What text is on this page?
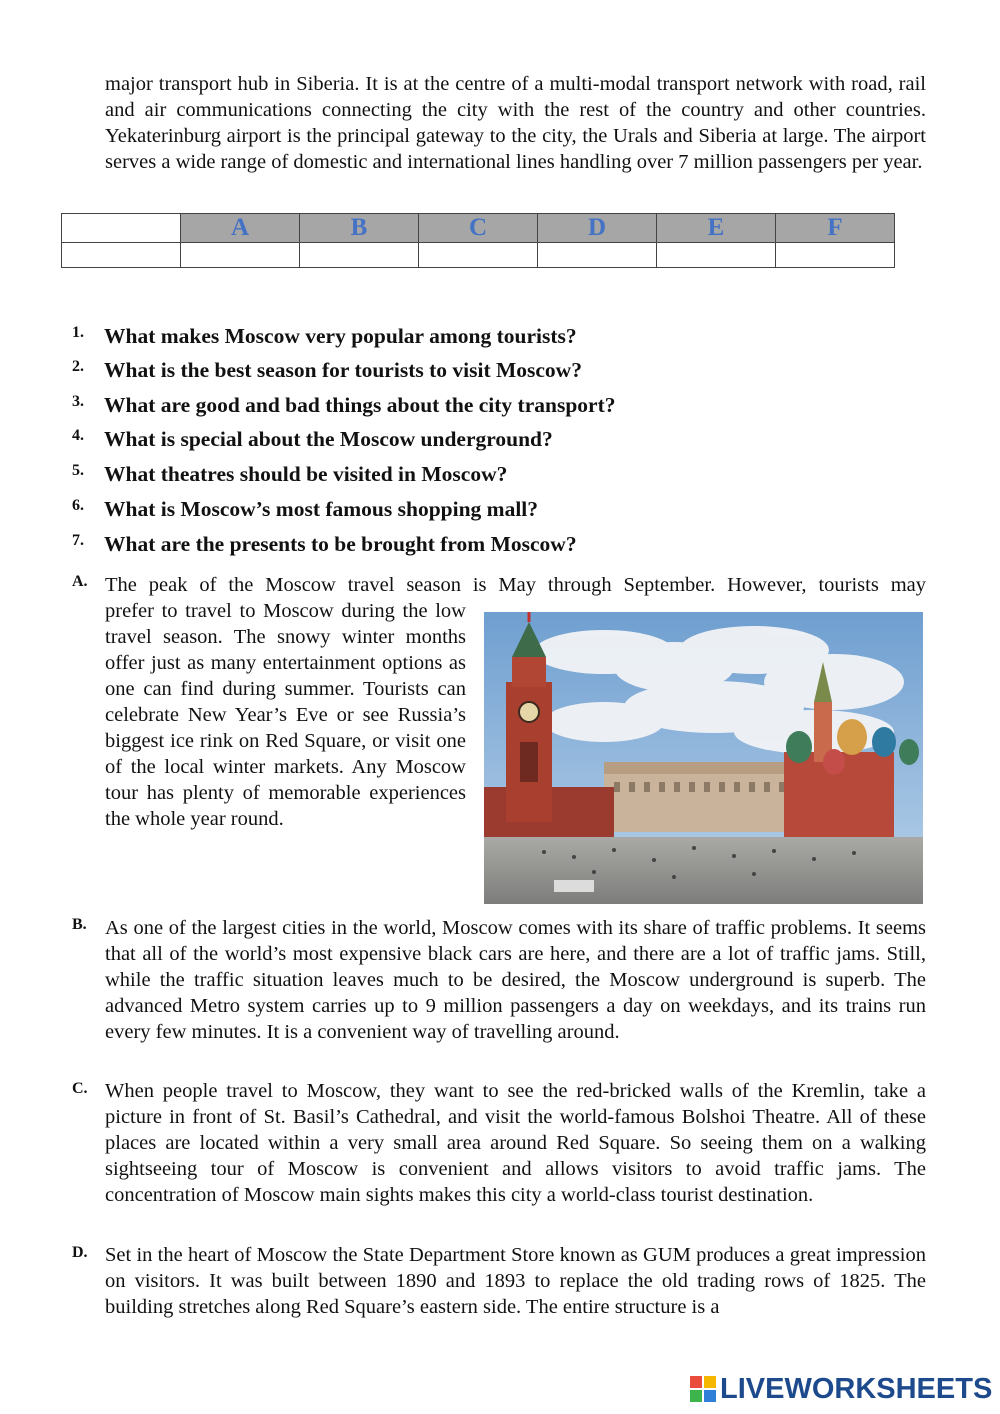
major transport hub in Siberia. It is at the centre of a multi-modal transport network with road, rail and air communications connecting the city with the rest of the country and other countries. Yekaterinburg airport is the principal gateway to the city, the Urals and Siberia at large. The airport serves a wide range of domestic and international lines handling over 7 million passengers per year.
	A	B	C	D	E	F

1. What makes Moscow very popular among tourists?
2. What is the best season for tourists to visit Moscow?
3. What are good and bad things about the city transport?
4. What is special about the Moscow underground?
5. What theatres should be visited in Moscow?
6. What is Moscow’s most famous shopping mall?
7. What are the presents to be brought from Moscow?
A. The peak of the Moscow travel season is May through September. However, tourists may
prefer to travel to Moscow during the low travel season. The snowy winter months offer just as many entertainment options as one can find during summer. Tourists can celebrate New Year’s Eve or see Russia’s biggest ice rink on Red Square, or visit one of the local winter markets. Any Moscow tour has plenty of memorable experiences the whole year round.
B. As one of the largest cities in the world, Moscow comes with its share of traffic problems. It seems that all of the world’s most expensive black cars are here, and there are a lot of traffic jams. Still, while the traffic situation leaves much to be desired, the Moscow underground is superb. The advanced Metro system carries up to 9 million passengers a day on weekdays, and its trains run every few minutes. It is a convenient way of travelling around.
C. When people travel to Moscow, they want to see the red-bricked walls of the Kremlin, take a picture in front of St. Basil’s Cathedral, and visit the world-famous Bolshoi Theatre. All of these places are located within a very small area around Red Square. So seeing them on a walking sightseeing tour of Moscow is convenient and allows visitors to avoid traffic jams. The concentration of Moscow main sights makes this city a world-class tourist destination.
D. Set in the heart of Moscow the State Department Store known as GUM produces a great impression on visitors. It was built between 1890 and 1893 to replace the old trading rows of 1825. The building stretches along Red Square’s eastern side. The entire structure is a
LIVEWORKSHEETS
